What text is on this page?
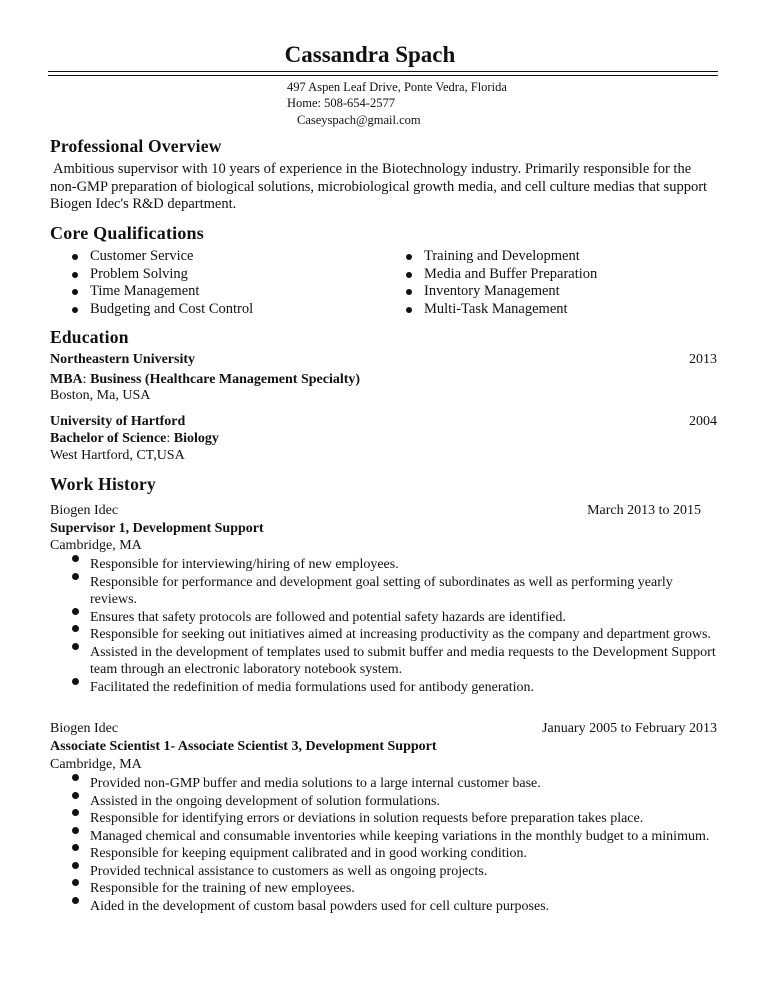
Cassandra Spach
497 Aspen Leaf Drive, Ponte Vedra, Florida
Home: 508-654-2577
Caseyspach@gmail.com
Professional Overview
Ambitious supervisor with 10 years of experience in the Biotechnology industry. Primarily responsible for the non-GMP preparation of biological solutions, microbiological growth media, and cell culture medias that support Biogen Idec's R&D department.
Core Qualifications
Customer Service
Problem Solving
Time Management
Budgeting and Cost Control
Training and Development
Media and Buffer Preparation
Inventory Management
Multi-Task Management
Education
Northeastern University	2013
MBA: Business (Healthcare Management Specialty)
Boston, Ma, USA
University of Hartford	2004
Bachelor of Science: Biology
West Hartford, CT,USA
Work History
Biogen Idec	March 2013 to 2015
Supervisor 1, Development Support
Cambridge, MA
Responsible for interviewing/hiring of new employees.
Responsible for performance and development goal setting of subordinates as well as performing yearly reviews.
Ensures that safety protocols are followed and potential safety hazards are identified.
Responsible for seeking out initiatives aimed at increasing productivity as the company and department grows.
Assisted in the development of templates used to submit buffer and media requests to the Development Support team through an electronic laboratory notebook system.
Facilitated the redefinition of media formulations used for antibody generation.
Biogen Idec	January 2005 to February 2013
Associate Scientist 1- Associate Scientist 3, Development Support
Cambridge, MA
Provided non-GMP buffer and media solutions to a large internal customer base.
Assisted in the ongoing development of solution formulations.
Responsible for identifying errors or deviations in solution requests before preparation takes place.
Managed chemical and consumable inventories while keeping variations in the monthly budget to a minimum.
Responsible for keeping equipment calibrated and in good working condition.
Provided technical assistance to customers as well as ongoing projects.
Responsible for the training of new employees.
Aided in the development of custom basal powders used for cell culture purposes.
